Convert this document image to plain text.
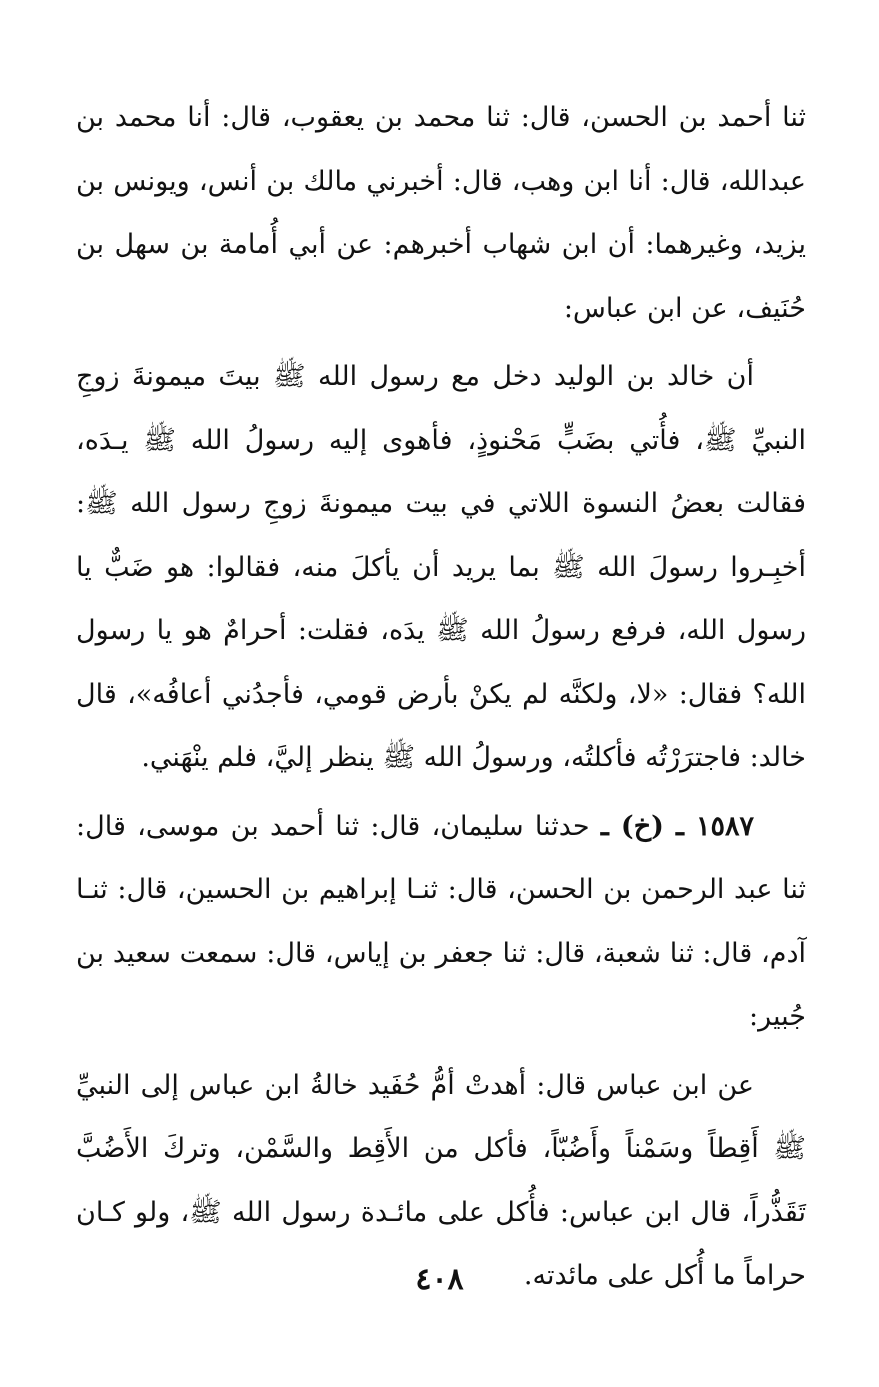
ثنا أحمد بن الحسن، قال: ثنا محمد بن يعقوب، قال: أنا محمد بن عبدالله، قال: أنا ابن وهب، قال: أخبرني مالك بن أنس، ويونس بن يزيد، وغيرهما: أن ابن شهاب أخبرهم: عن أبي أُمامة بن سهل بن حُنَيف، عن ابن عباس:

أن خالد بن الوليد دخل مع رسول الله ﷺ بيتَ ميمونةَ زوجِ النبيِّ ﷺ، فأُتي بضَبٍّ مَحْنوذٍ، فأهوى إليه رسولُ الله ﷺ يـدَه، فقالت بعضُ النسوة اللاتي في بيت ميمونةَ زوجِ رسول الله ﷺ: أخبِـروا رسولَ الله ﷺ بما يريد أن يأكلَ منه، فقالوا: هو ضَبٌّ يا رسول الله، فرفع رسولُ الله ﷺ يدَه، فقلت: أحرامٌ هو يا رسول الله؟ فقال: «لا، ولكنَّه لم يكنْ بأرض قومي، فأجدُني أعافُه»، قال خالد: فاجترَرْتُه فأكلتُه، ورسولُ الله ﷺ ينظر إليَّ، فلم ينْهَني.

١٥٨٧ ـ (خ) ـ حدثنا سليمان، قال: ثنا أحمد بن موسى، قال: ثنا عبد الرحمن بن الحسن، قال: ثنـا إبراهيم بن الحسين، قال: ثنـا آدم، قال: ثنا شعبة، قال: ثنا جعفر بن إياس، قال: سمعت سعيد بن جُبير:

عن ابن عباس قال: أهدتْ أمُّ حُفَيد خالةُ ابن عباس إلى النبيِّ ﷺ أَقِطاً وسَمْناً وأَضُبّاً، فأكل من الأَقِط والسَّمْن، وتركَ الأَضُبَّ تَقَذُّراً، قال ابن عباس: فأُكل على مائـدة رسول الله ﷺ، ولو كـان حراماً ما أُكل على مائدته.

٤٠٨
